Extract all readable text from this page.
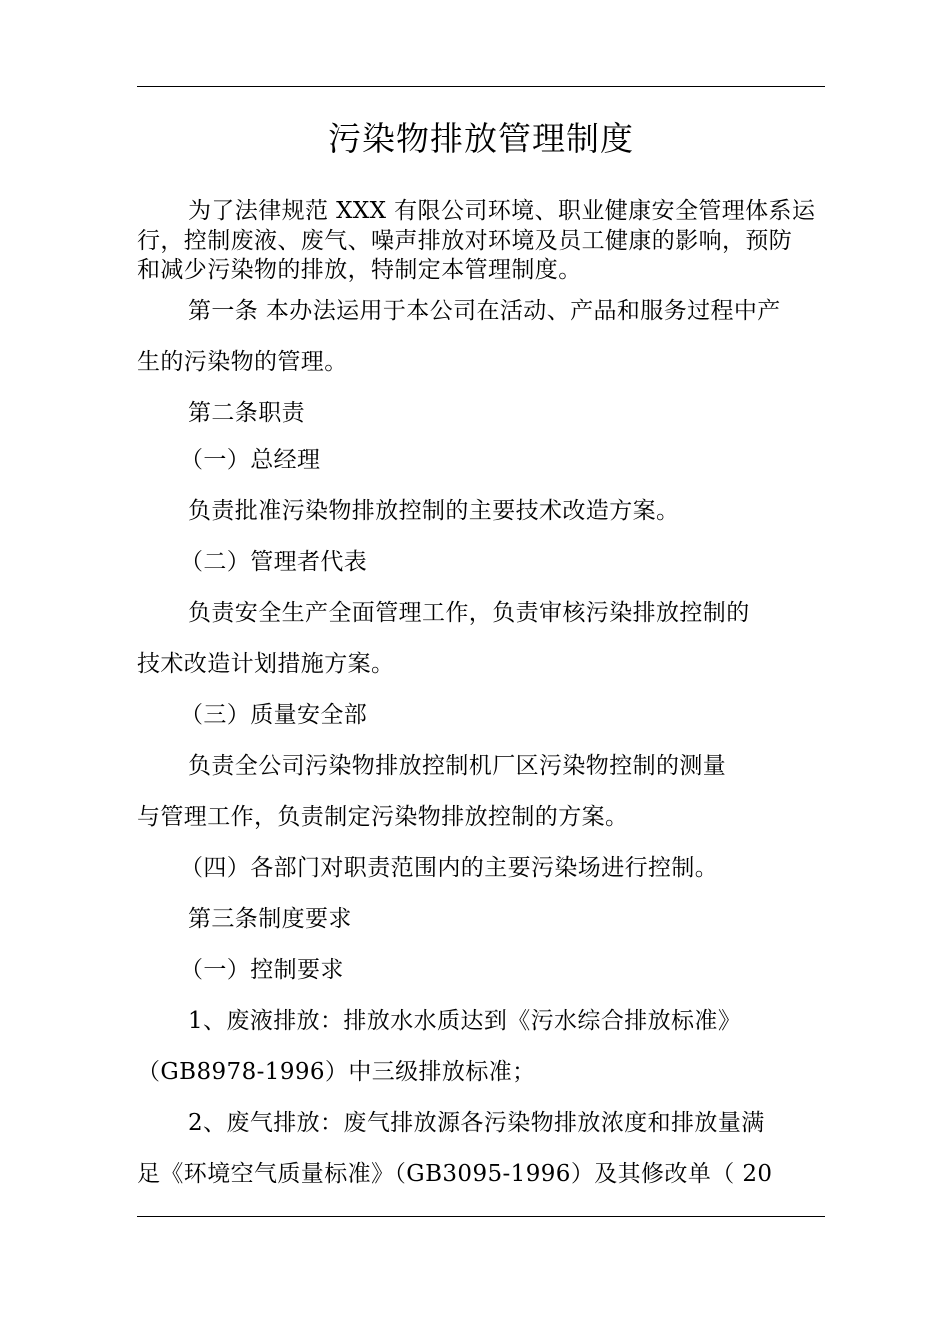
污染物排放管理制度
为了法律规范 XXX 有限公司环境、职业健康安全管理体系运
行，控制废液、废气、噪声排放对环境及员工健康的影响，预防
和减少污染物的排放，特制定本管理制度。
第一条 本办法运用于本公司在活动、产品和服务过程中产
生的污染物的管理。
第二条职责
（一）总经理
负责批准污染物排放控制的主要技术改造方案。
（二）管理者代表
负责安全生产全面管理工作，负责审核污染排放控制的
技术改造计划措施方案。
（三）质量安全部
负责全公司污染物排放控制机厂区污染物控制的测量
与管理工作，负责制定污染物排放控制的方案。
（四）各部门对职责范围内的主要污染场进行控制。
第三条制度要求
（一）控制要求
1、废液排放：排放水水质达到《污水综合排放标准》
（GB8978-1996）中三级排放标准；
2、废气排放：废气排放源各污染物排放浓度和排放量满
足《环境空气质量标准》（GB3095-1996）及其修改单（ 20
